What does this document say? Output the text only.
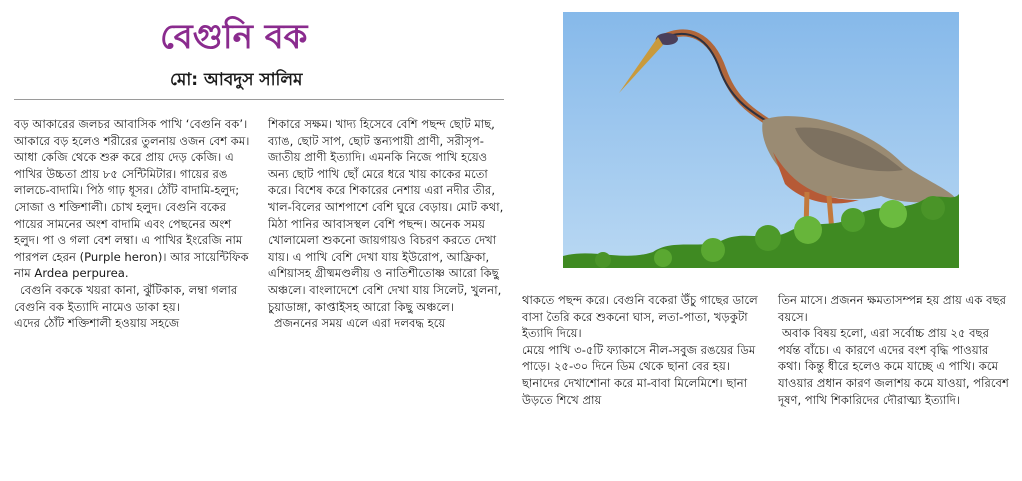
বেগুনি বক
মো: আবদুস সালিম

বড় আকারের জলচর আবাসিক পাখি ‘বেগুনি বক’। আকারে বড় হলেও শরীরের তুলনায় ওজন বেশ কম। আধা কেজি থেকে শুরু করে প্রায় দেড় কেজি। এ পাখির উচ্চতা প্রায় ৮৫ সেন্টিমিটার। গায়ের রঙ লালচে-বাদামি। পিঠ গাঢ় ধূসর। ঠোঁট বাদামি-হলুদ; সোজা ও শক্তিশালী। চোখ হলুদ। বেগুনি বকের পায়ের সামনের অংশ বাদামি এবং পেছনের অংশ হলুদ। পা ও গলা বেশ লম্বা। এ পাখির ইংরেজি নাম পারপল হেরন (Purple heron)। আর সায়েন্টিফিক নাম Ardea perpurea.

বেগুনি বককে খয়রা কানা, ঝুঁটিকাক, লম্বা গলার বেগুনি বক ইত্যাদি নামেও ডাকা হয়।

এদের ঠোঁট শক্তিশালী হওয়ায় সহজে

শিকারে সক্ষম। খাদ্য হিসেবে বেশি পছন্দ ছোট মাছ, ব্যাঙ, ছোট সাপ, ছোট স্তন্যপায়ী প্রাণী, সরীসৃপ-জাতীয় প্রাণী ইত্যাদি। এমনকি নিজে পাখি হয়েও অন্য ছোট পাখি ছোঁ মেরে ধরে খায় কাকের মতো করে। বিশেষ করে শিকারের নেশায় এরা নদীর তীর, খাল-বিলের আশপাশে বেশি ঘুরে বেড়ায়। মোট কথা, মিঠা পানির আবাসস্থল বেশি পছন্দ। অনেক সময় খোলামেলা শুকনো জায়গায়ও বিচরণ করতে দেখা যায়। এ পাখি বেশি দেখা যায় ইউরোপ, আফ্রিকা, এশিয়াসহ গ্রীষ্মমণ্ডলীয় ও নাতিশীতোষ্ণ আরো কিছু অঞ্চলে। বাংলাদেশে বেশি দেখা যায় সিলেট, খুলনা, চুয়াডাঙ্গা, কাপ্তাইসহ আরো কিছু অঞ্চলে।

প্রজননের সময় এলে এরা দলবদ্ধ হয়ে

থাকতে পছন্দ করে। বেগুনি বকেরা উঁচু গাছের ডালে বাসা তৈরি করে শুকনো ঘাস, লতা-পাতা, খড়কুটা ইত্যাদি দিয়ে।

মেয়ে পাখি ৩-৫টি ফ্যাকাসে নীল-সবুজ রঙয়ের ডিম পাড়ে। ২৫-৩০ দিনে ডিম থেকে ছানা বের হয়। ছানাদের দেখাশোনা করে মা-বাবা মিলেমিশে। ছানা উড়তে শিখে প্রায়

তিন মাসে। প্রজনন ক্ষমতাসম্পন্ন হয় প্রায় এক বছর বয়সে।

অবাক বিষয় হলো, এরা সর্বোচ্চ প্রায় ২৫ বছর পর্যন্ত বাঁচে। এ কারণে এদের বংশ বৃদ্ধি পাওয়ার কথা। কিন্তু ধীরে হলেও কমে যাচ্ছে এ পাখি। কমে যাওয়ার প্রধান কারণ জলাশয় কমে যাওয়া, পরিবেশ দূষণ, পাখি শিকারিদের দৌরাত্ম্য ইত্যাদি।
